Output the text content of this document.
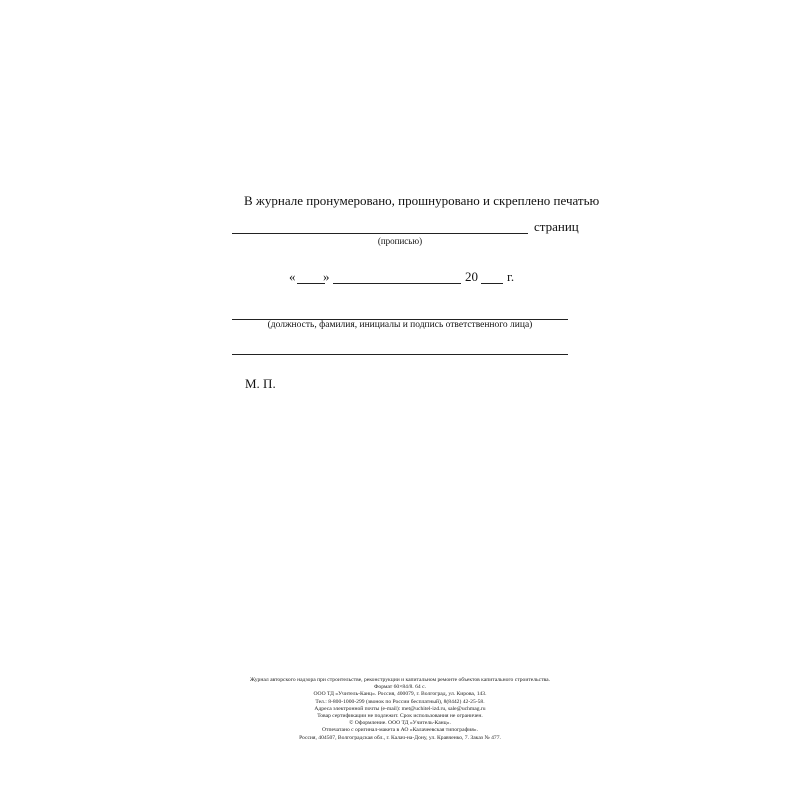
В журнале пронумеровано, прошнуровано и скреплено печатью
страниц
(прописью)
« »	20 г.
(должность, фамилия, инициалы и подпись ответственного лица)
М. П.
Журнал авторского надзора при строительстве, реконструкции и капитальном ремонте объектов капитального строительства.
Формат 60×84/8. 64 с.
ООО ТД «Учитель-Канц». Россия, 400079, г. Волгоград, ул. Кирова, 143.
Тел.: 8-800-1000-299 (звонок по России бесплатный), 8(8442) 42-25-58.
Адреса электронной почты (e-mail): met@uchitel-izd.ru, sale@uchmag.ru
Товар сертификации не подлежит. Срок использования не ограничен.
© Оформление. ООО ТД «Учитель-Канц».
Отпечатано с оригинал-макета в АО «Калачеевская типография».
Россия, 404507, Волгоградская обл., г. Калач-на-Дону, ул. Кравченко, 7. Заказ № 477.
